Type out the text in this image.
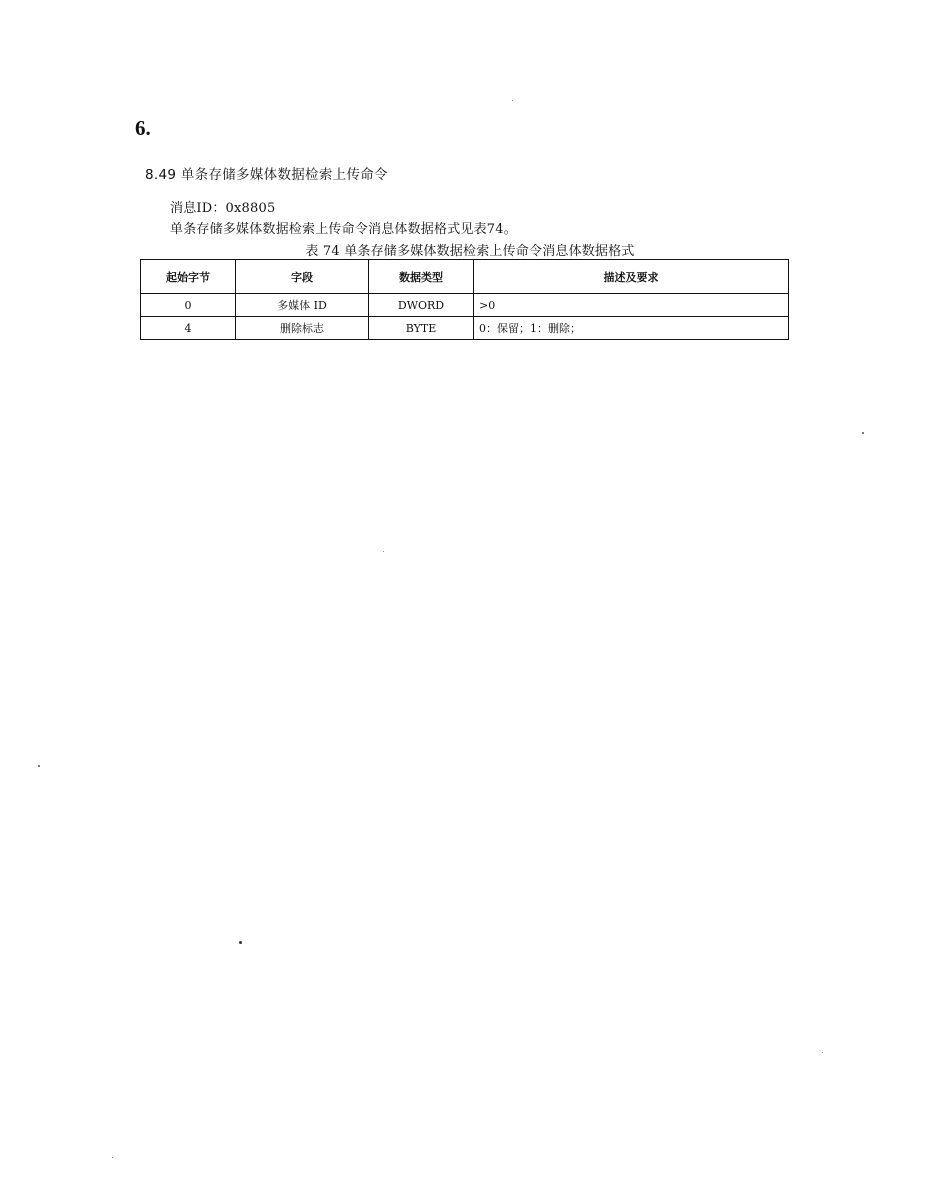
6.
8.49 单条存储多媒体数据检索上传命令
消息ID：0x8805
单条存储多媒体数据检索上传命令消息体数据格式见表74。
表 74 单条存储多媒体数据检索上传命令消息体数据格式
起始字节	字段	数据类型	描述及要求
0	多媒体 ID	DWORD	>0
4	删除标志	BYTE	0：保留；1：删除；
